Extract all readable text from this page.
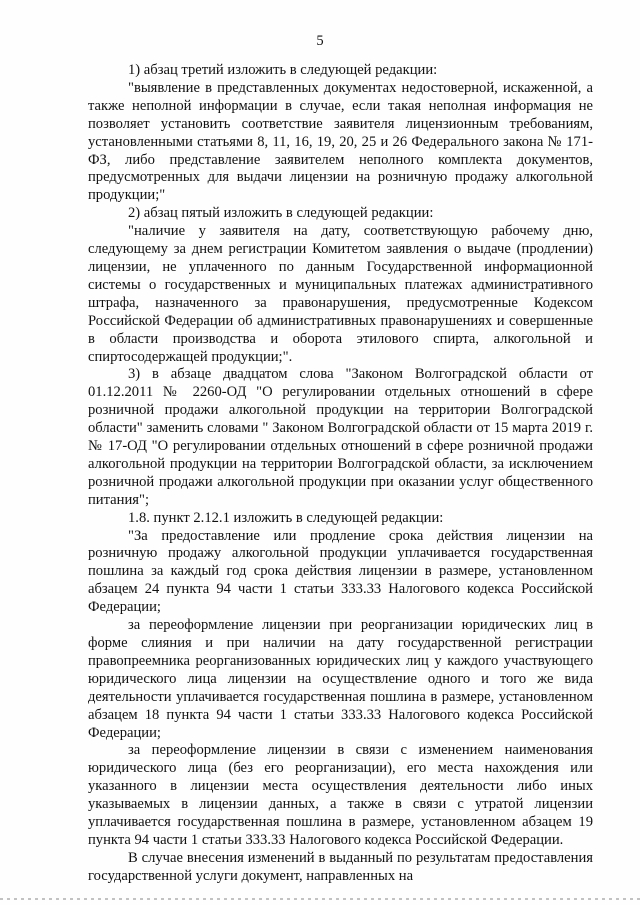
5

1) абзац третий изложить в следующей редакции:

"выявление в представленных документах недостоверной, искаженной, а также неполной информации в случае, если такая неполная информация не позволяет установить соответствие заявителя лицензионным требованиям, установленными статьями 8, 11, 16, 19, 20, 25 и 26 Федерального закона № 171-ФЗ, либо представление заявителем неполного комплекта документов, предусмотренных для выдачи лицензии на розничную продажу алкогольной продукции;"

2) абзац пятый изложить в следующей редакции:

"наличие у заявителя на дату, соответствующую рабочему дню, следующему за днем регистрации Комитетом заявления о выдаче (продлении) лицензии, не уплаченного по данным Государственной информационной системы о государственных и муниципальных платежах административного штрафа, назначенного за правонарушения, предусмотренные Кодексом Российской Федерации об административных правонарушениях и совершенные в области производства и оборота этилового спирта, алкогольной и спиртосодержащей продукции;".

3) в абзаце двадцатом слова "Законом Волгоградской области от 01.12.2011 № 2260-ОД "О регулировании отдельных отношений в сфере розничной продажи алкогольной продукции на территории Волгоградской области" заменить словами " Законом Волгоградской области от 15 марта 2019 г. № 17-ОД "О регулировании отдельных отношений в сфере розничной продажи алкогольной продукции на территории Волгоградской области, за исключением розничной продажи алкогольной продукции при оказании услуг общественного питания";

1.8. пункт 2.12.1 изложить в следующей редакции:

"За предоставление или продление срока действия лицензии на розничную продажу алкогольной продукции уплачивается государственная пошлина за каждый год срока действия лицензии в размере, установленном абзацем 24 пункта 94 части 1 статьи 333.33 Налогового кодекса Российской Федерации;

за переоформление лицензии при реорганизации юридических лиц в форме слияния и при наличии на дату государственной регистрации правопреемника реорганизованных юридических лиц у каждого участвующего юридического лица лицензии на осуществление одного и того же вида деятельности уплачивается государственная пошлина в размере, установленном абзацем 18 пункта 94 части 1 статьи 333.33 Налогового кодекса Российской Федерации;

за переоформление лицензии в связи с изменением наименования юридического лица (без его реорганизации), его места нахождения или указанного в лицензии места осуществления деятельности либо иных указываемых в лицензии данных, а также в связи с утратой лицензии уплачивается государственная пошлина в размере, установленном абзацем 19 пункта 94 части 1 статьи 333.33 Налогового кодекса Российской Федерации.

В случае внесения изменений в выданный по результатам предоставления государственной услуги документ, направленных на
